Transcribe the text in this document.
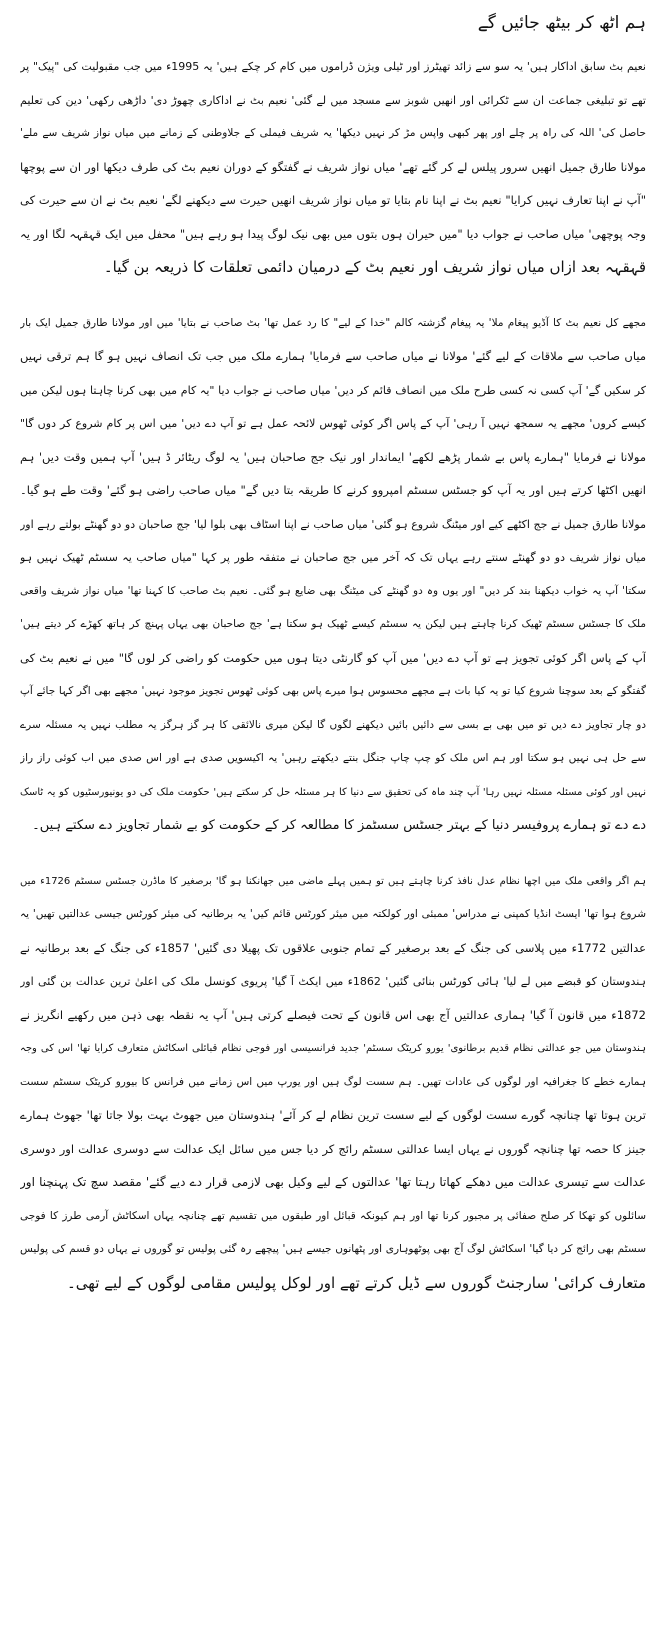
ہم اٹھ کر بیٹھ جائیں گے
نعیم بٹ سابق اداکار ہیں' یہ سو سے زائد تھیٹرز اور ٹیلی ویژن ڈراموں میں کام کر چکے ہیں' یہ 1995ء میں جب مقبولیت کی "پیک" پر
تھے تو تبلیغی جماعت ان سے ٹکرائی اور انھیں شوبز سے مسجد میں لے گئی' نعیم بٹ نے اداکاری چھوڑ دی' داڑھی رکھی' دین کی تعلیم
حاصل کی' اللہ کی راہ پر چلے اور پھر کبھی واپس مڑ کر نہیں دیکھا' یہ شریف فیملی کے جلاوطنی کے زمانے میں میاں نواز شریف سے ملے'
مولانا طارق جمیل انھیں سرور پیلس لے کر گئے تھے' میاں نواز شریف نے گفتگو کے دوران نعیم بٹ کی طرف دیکھا اور ان سے پوچھا
"آپ نے اپنا تعارف نہیں کرایا" نعیم بٹ نے اپنا نام بتایا تو میاں نواز شریف انھیں حیرت سے دیکھنے لگے' نعیم بٹ نے ان سے حیرت کی
وجہ پوچھی' میاں صاحب نے جواب دیا "میں حیران ہوں بتوں میں بھی نیک لوگ پیدا ہو رہے ہیں" محفل میں ایک قہقہہ لگا اور یہ
قہقہہ بعد ازاں میاں نواز شریف اور نعیم بٹ کے درمیان دائمی تعلقات کا ذریعہ بن گیا۔
مجھے کل نعیم بٹ کا آڈیو پیغام ملا' یہ پیغام گزشتہ کالم "خدا کے لیے" کا رد عمل تھا' بٹ صاحب نے بتایا' میں اور مولانا طارق جمیل ایک بار
میاں صاحب سے ملاقات کے لیے گئے' مولانا نے میاں صاحب سے فرمایا' ہمارے ملک میں جب تک انصاف نہیں ہو گا ہم ترقی نہیں
کر سکیں گے' آپ کسی نہ کسی طرح ملک میں انصاف قائم کر دیں' میاں صاحب نے جواب دیا "یہ کام میں بھی کرنا چاہتا ہوں لیکن میں
کیسے کروں' مجھے یہ سمجھ نہیں آ رہی' آپ کے پاس اگر کوئی ٹھوس لائحہ عمل ہے تو آپ دے دیں' میں اس پر کام شروع کر دوں گا"
مولانا نے فرمایا "ہمارے پاس بے شمار پڑھے لکھے' ایماندار اور نیک جج صاحبان ہیں' یہ لوگ ریٹائر ڈ ہیں' آپ ہمیں وقت دیں' ہم
انھیں اکٹھا کرتے ہیں اور یہ آپ کو جسٹس سسٹم امپروو کرنے کا طریقہ بتا دیں گے" میاں صاحب راضی ہو گئے' وقت طے ہو گیا۔
مولانا طارق جمیل نے جج اکٹھے کیے اور میٹنگ شروع ہو گئی' میاں صاحب نے اپنا اسٹاف بھی بلوا لیا' جج صاحبان دو دو گھنٹے بولتے رہے اور
میاں نواز شریف دو دو گھنٹے سنتے رہے یہاں تک کہ آخر میں جج صاحبان نے متفقہ طور پر کہا "میاں صاحب یہ سسٹم ٹھیک نہیں ہو
سکتا' آپ یہ خواب دیکھنا بند کر دیں" اور یوں وہ دو گھنٹے کی میٹنگ بھی ضایع ہو گئی۔ نعیم بٹ صاحب کا کہنا تھا' میاں نواز شریف واقعی
ملک کا جسٹس سسٹم ٹھیک کرنا چاہتے ہیں لیکن یہ سسٹم کیسے ٹھیک ہو سکتا ہے' جج صاحبان بھی یہاں پہنچ کر ہاتھ کھڑے کر دیتے ہیں'
آپ کے پاس اگر کوئی تجویز ہے تو آپ دے دیں' میں آپ کو گارنٹی دیتا ہوں میں حکومت کو راضی کر لوں گا" میں نے نعیم بٹ کی
گفتگو کے بعد سوچنا شروع کیا تو یہ کیا بات ہے مجھے محسوس ہوا میرے پاس بھی کوئی ٹھوس تجویز موجود نہیں' مجھے بھی اگر کہا جائے آپ
دو چار تجاویز دے دیں تو میں بھی بے بسی سے دائیں بائیں دیکھنے لگوں گا لیکن میری نالائقی کا ہر گز ہرگز یہ مطلب نہیں یہ مسئلہ سرے
سے حل ہی نہیں ہو سکتا اور ہم اس ملک کو چپ چاپ جنگل بنتے دیکھتے رہیں' یہ اکیسویں صدی ہے اور اس صدی میں اب کوئی راز راز
نہیں اور کوئی مسئلہ مسئلہ نہیں رہا' آپ چند ماہ کی تحقیق سے دنیا کا ہر مسئلہ حل کر سکتے ہیں' حکومت ملک کی دو یونیورسٹیوں کو یہ ٹاسک
دے دے تو ہمارے پروفیسر دنیا کے بہتر جسٹس سسٹمز کا مطالعہ کر کے حکومت کو بے شمار تجاویز دے سکتے ہیں۔
ہم اگر واقعی ملک میں اچھا نظام عدل نافذ کرنا چاہتے ہیں تو ہمیں پہلے ماضی میں جھانکنا ہو گا' برصغیر کا ماڈرن جسٹس سسٹم 1726ء میں
شروع ہوا تھا' ایسٹ انڈیا کمپنی نے مدراس' ممبئی اور کولکتہ میں میئر کورٹس قائم کیں' یہ برطانیہ کی میئر کورٹس جیسی عدالتیں تھیں' یہ
عدالتیں 1772ء میں پلاسی کی جنگ کے بعد برصغیر کے تمام جنوبی علاقوں تک پھیلا دی گئیں' 1857ء کی جنگ کے بعد برطانیہ نے
ہندوستان کو قبضے میں لے لیا' ہائی کورٹس بنائی گئیں' 1862ء میں ایکٹ آ گیا' پریوی کونسل ملک کی اعلیٰ ترین عدالت بن گئی اور
1872ء میں قانون آ گیا' ہماری عدالتیں آج بھی اس قانون کے تحت فیصلے کرتی ہیں' آپ یہ نقطہ بھی ذہن میں رکھیے انگریز نے
ہندوستان میں جو عدالتی نظام قدیم برطانوی' یورو کریٹک سسٹم' جدید فرانسیسی اور فوجی نظام قبائلی اسکاٹش متعارف کرایا تھا' اس کی وجہ
ہمارے خطے کا جغرافیہ اور لوگوں کی عادات تھیں۔ ہم سست لوگ ہیں اور یورپ میں اس زمانے میں فرانس کا بیورو کریٹک سسٹم سست
ترین ہوتا تھا چنانچہ گورے سست لوگوں کے لیے سست ترین نظام لے کر آئے' ہندوستان میں جھوٹ بہت بولا جاتا تھا' جھوٹ ہمارے
جینز کا حصہ تھا چنانچہ گوروں نے یہاں ایسا عدالتی سسٹم رائج کر دیا جس میں سائل ایک عدالت سے دوسری عدالت اور دوسری
عدالت سے تیسری عدالت میں دھکے کھاتا رہتا تھا' عدالتوں کے لیے وکیل بھی لازمی قرار دے دیے گئے' مقصد سچ تک پہنچنا اور
سائلوں کو تھکا کر صلح صفائی پر مجبور کرنا تھا اور ہم کیونکہ قبائل اور طبقوں میں تقسیم تھے چنانچہ یہاں اسکاٹش آرمی طرز کا فوجی
سسٹم بھی رائج کر دیا گیا' اسکاٹش لوگ آج بھی پوٹھوہاری اور پٹھانوں جیسے ہیں' پیچھے رہ گئی پولیس تو گوروں نے یہاں دو قسم کی پولیس
متعارف کرائی' سارجنٹ گوروں سے ڈیل کرتے تھے اور لوکل پولیس مقامی لوگوں کے لیے تھی۔
